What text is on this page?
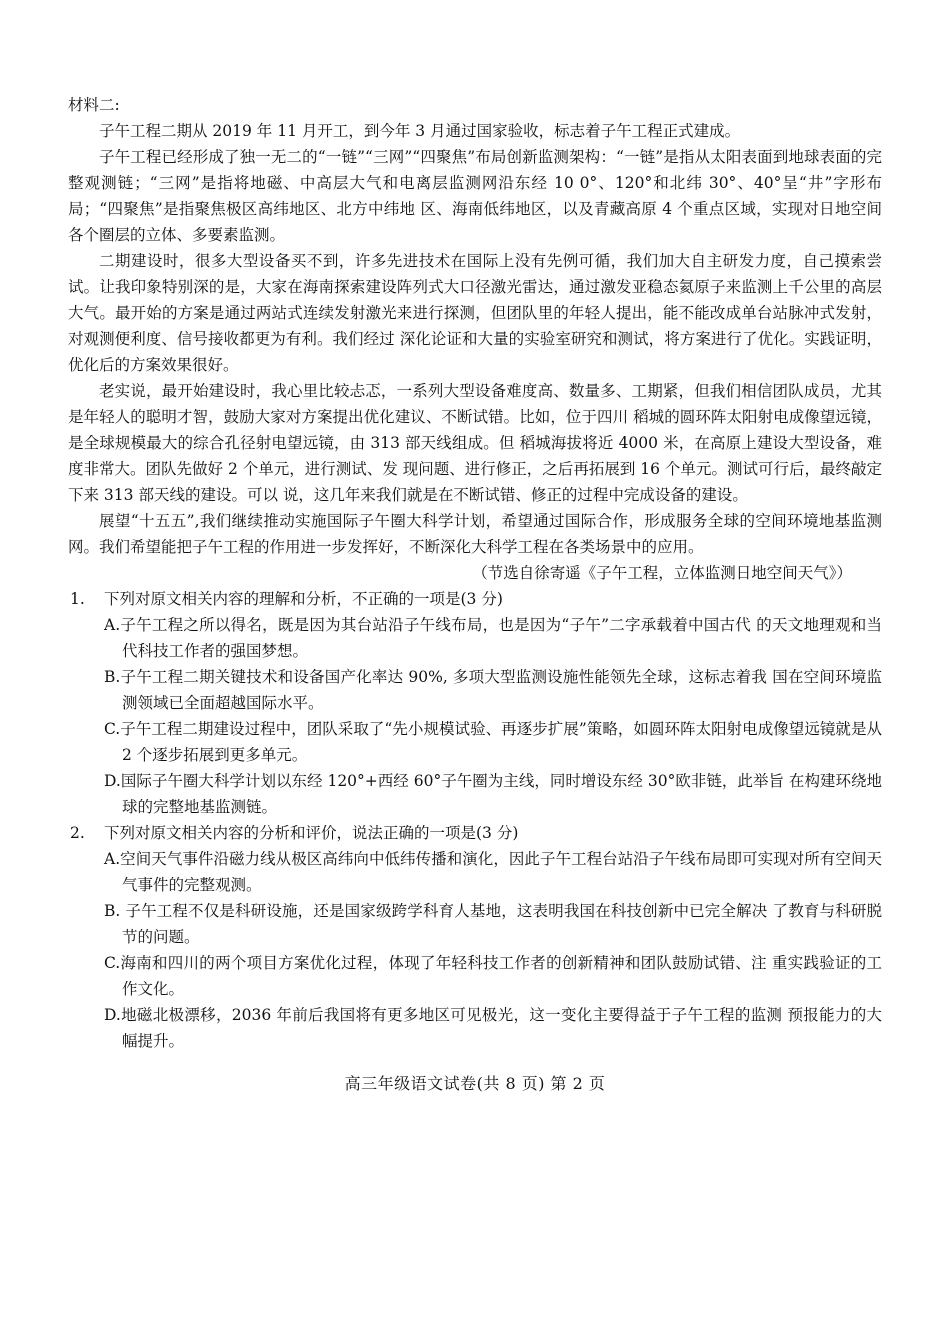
材料二:

子午工程二期从 2019 年 11 月开工，到今年 3 月通过国家验收，标志着子午工程正式建成。

子午工程已经形成了独一无二的“一链”“三网”“四聚焦”布局创新监测架构：“一链”是指从太阳表面到地球表面的完整观测链；“三网”是指将地磁、中高层大气和电离层监测网沿东经 10 0°、120°和北纬 30°、40°呈“井”字形布局；“四聚焦”是指聚焦极区高纬地区、北方中纬地 区、海南低纬地区，以及青藏高原 4 个重点区域，实现对日地空间各个圈层的立体、多要素监测。

二期建设时，很多大型设备买不到，许多先进技术在国际上没有先例可循，我们加大自主研发力度，自己摸索尝试。让我印象特别深的是，大家在海南探索建设阵列式大口径激光雷达，通过激发亚稳态氦原子来监测上千公里的高层大气。最开始的方案是通过两站式连续发射激光来进行探测，但团队里的年轻人提出，能不能改成单台站脉冲式发射，对观测便利度、信号接收都更为有利。我们经过 深化论证和大量的实验室研究和测试，将方案进行了优化。实践证明，优化后的方案效果很好。

老实说，最开始建设时，我心里比较忐忑，一系列大型设备难度高、数量多、工期紧，但我们相信团队成员，尤其是年轻人的聪明才智，鼓励大家对方案提出优化建议、不断试错。比如，位于四川 稻城的圆环阵太阳射电成像望远镜，是全球规模最大的综合孔径射电望远镜，由 313 部天线组成。但 稻城海拔将近 4000 米，在高原上建设大型设备，难度非常大。团队先做好 2 个单元，进行测试、发 现问题、进行修正，之后再拓展到 16 个单元。测试可行后，最终敲定下来 313 部天线的建设。可以 说，这几年来我们就是在不断试错、修正的过程中完成设备的建设。

展望“十五五”,我们继续推动实施国际子午圈大科学计划，希望通过国际合作，形成服务全球的空间环境地基监测网。我们希望能把子午工程的作用进一步发挥好，不断深化大科学工程在各类场景中的应用。

（节选自徐寄遥《子午工程，立体监测日地空间天气》）

1. 下列对原文相关内容的理解和分析，不正确的一项是(3 分)

A.子午工程之所以得名，既是因为其台站沿子午线布局，也是因为“子午”二字承载着中国古代 的天文地理观和当代科技工作者的强国梦想。

B.子午工程二期关键技术和设备国产化率达 90%, 多项大型监测设施性能领先全球，这标志着我 国在空间环境监测领域已全面超越国际水平。

C.子午工程二期建设过程中，团队采取了“先小规模试验、再逐步扩展”策略，如圆环阵太阳射电成像望远镜就是从 2 个逐步拓展到更多单元。

D.国际子午圈大科学计划以东经 120°+西经 60°子午圈为主线，同时增设东经 30°欧非链，此举旨 在构建环绕地球的完整地基监测链。

2. 下列对原文相关内容的分析和评价，说法正确的一项是(3 分)

A.空间天气事件沿磁力线从极区高纬向中低纬传播和演化，因此子午工程台站沿子午线布局即可实现对所有空间天气事件的完整观测。

B. 子午工程不仅是科研设施，还是国家级跨学科育人基地，这表明我国在科技创新中已完全解决 了教育与科研脱节的问题。

C.海南和四川的两个项目方案优化过程，体现了年轻科技工作者的创新精神和团队鼓励试错、注 重实践验证的工作文化。

D.地磁北极漂移，2036 年前后我国将有更多地区可见极光，这一变化主要得益于子午工程的监测 预报能力的大幅提升。

高三年级语文试卷(共 8 页) 第 2 页
